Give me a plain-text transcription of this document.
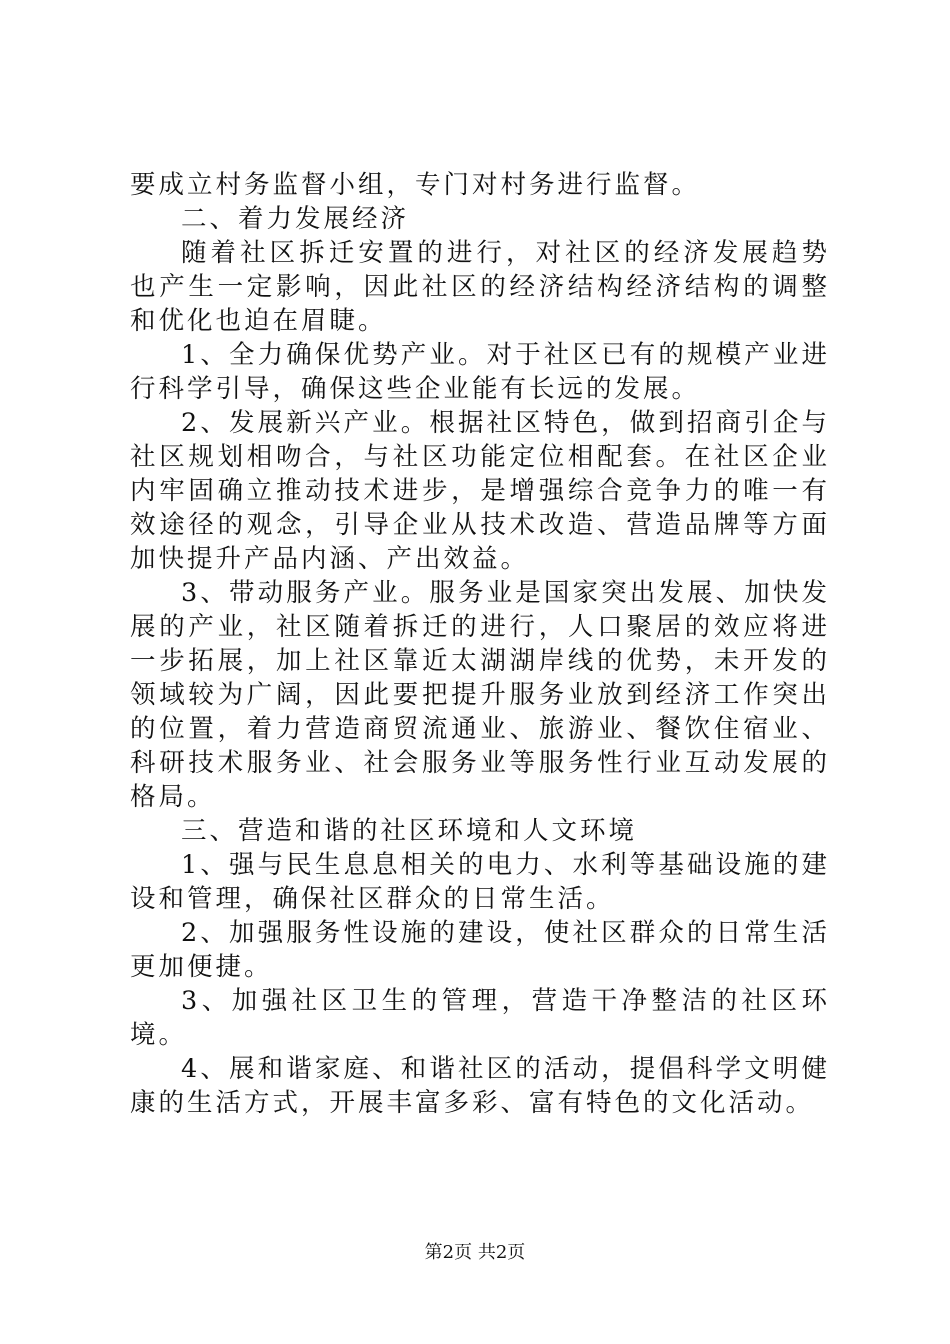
要成立村务监督小组，专门对村务进行监督。

二、着力发展经济

随着社区拆迁安置的进行，对社区的经济发展趋势也产生一定影响，因此社区的经济结构经济结构的调整和优化也迫在眉睫。

1、全力确保优势产业。对于社区已有的规模产业进行科学引导，确保这些企业能有长远的发展。

2、发展新兴产业。根据社区特色，做到招商引企与社区规划相吻合，与社区功能定位相配套。在社区企业内牢固确立推动技术进步，是增强综合竞争力的唯一有效途径的观念，引导企业从技术改造、营造品牌等方面加快提升产品内涵、产出效益。

3、带动服务产业。服务业是国家突出发展、加快发展的产业，社区随着拆迁的进行，人口聚居的效应将进一步拓展，加上社区靠近太湖湖岸线的优势，未开发的领域较为广阔，因此要把提升服务业放到经济工作突出的位置，着力营造商贸流通业、旅游业、餐饮住宿业、科研技术服务业、社会服务业等服务性行业互动发展的格局。

三、营造和谐的社区环境和人文环境

1、强与民生息息相关的电力、水利等基础设施的建设和管理，确保社区群众的日常生活。

2、加强服务性设施的建设，使社区群众的日常生活更加便捷。

3、加强社区卫生的管理，营造干净整洁的社区环境。

4、展和谐家庭、和谐社区的活动，提倡科学文明健康的生活方式，开展丰富多彩、富有特色的文化活动。

第2页 共2页
